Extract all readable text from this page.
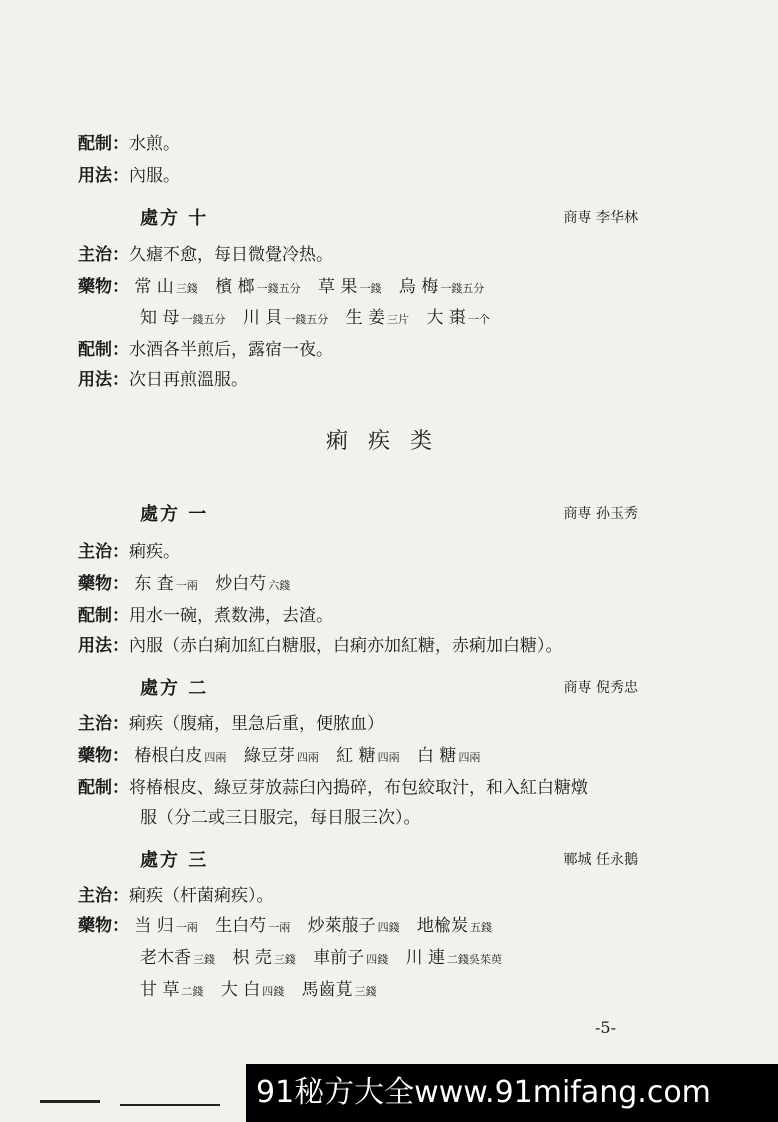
配制：水煎。
用法：內服。
處方 十	商専 李华林
主治：久瘧不愈，每日微覺冷热。
藥物： 常 山 三錢 檳 榔 一錢五分 草 果 一錢 烏 梅 一錢五分
知 母 一錢五分 川 貝 一錢五分 生 姜 三片 大 棗 一个
配制：水酒各半煎后，露宿一夜。
用法：次日再煎溫服。
痢疾类
處方 一	商専 孙玉秀
主治：痢疾。
藥物： 东 査 一兩 炒白芍 六錢
配制：用水一碗，煮数沸，去渣。
用法：內服（赤白痢加紅白糖服，白痢亦加紅糖，赤痢加白糖）。
處方 二	商専 倪秀忠
主治：痢疾（腹痛，里急后重，便脓血）
藥物： 椿根白皮 四兩 綠豆芽 四兩 紅 糖 四兩 白 糖 四兩
配制：将椿根皮、綠豆芽放蒜臼內搗碎，布包絞取汁，和入紅白糖燉
服（分二或三日服完，每日服三次）。
處方 三	鄆城 任永鵝
主治：痢疾（杆菌痢疾）。
藥物： 当 归 一兩 生白芍 一兩 炒萊菔子 四錢 地楡炭 五錢
老木香 三錢 枳 売 三錢 車前子 四錢 川 連 二錢吳茱萸
甘 草 二錢 大 白 四錢 馬齒莧 三錢
-5-
91秘方大全www.91mifang.com
